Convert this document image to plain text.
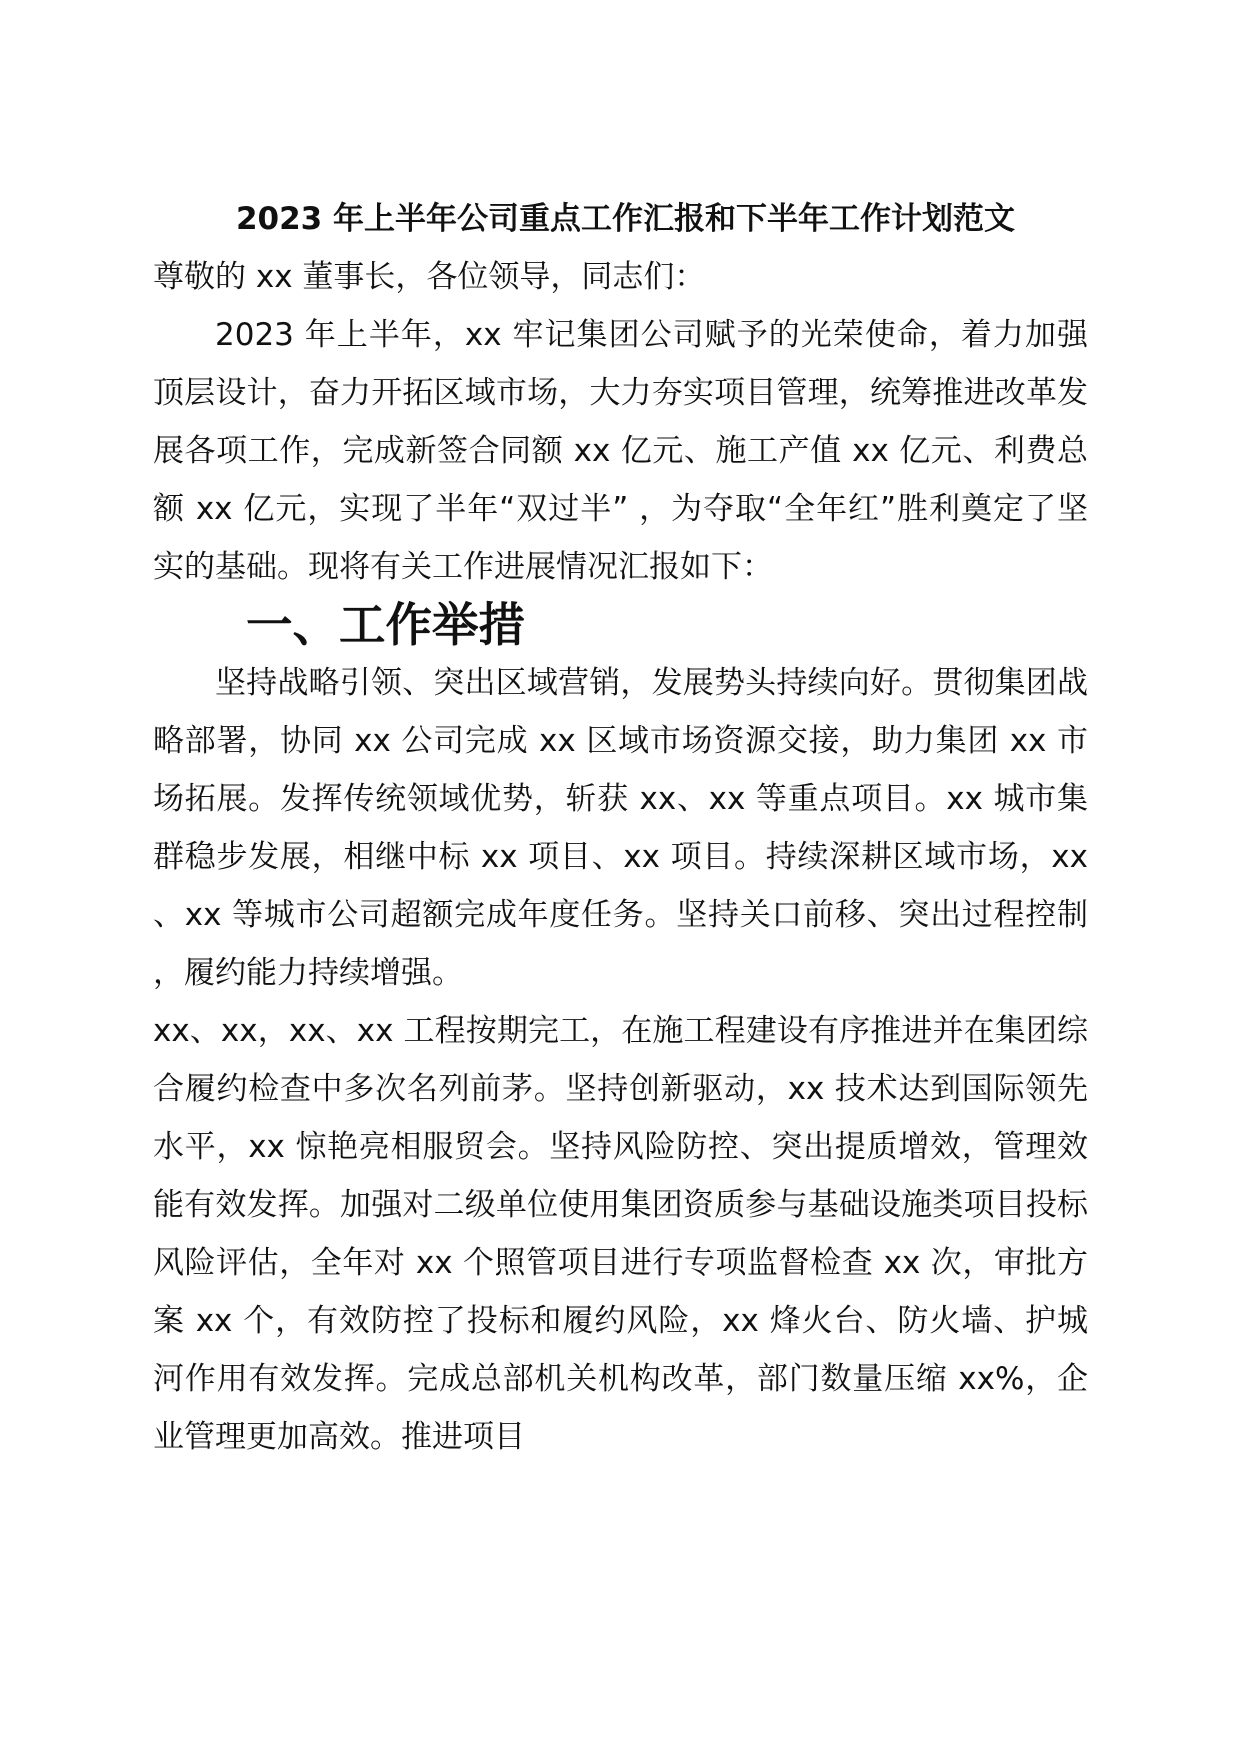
2023 年上半年公司重点工作汇报和下半年工作计划范文

尊敬的 xx 董事长，各位领导，同志们：

2023 年上半年，xx 牢记集团公司赋予的光荣使命，着力加强顶层设计，奋力开拓区域市场，大力夯实项目管理，统筹推进改革发展各项工作，完成新签合同额 xx 亿元、施工产值 xx 亿元、利费总额 xx 亿元，实现了半年“双过半” ，为夺取“全年红”胜利奠定了坚实的基础。现将有关工作进展情况汇报如下：

一、工作举措

坚持战略引领、突出区域营销，发展势头持续向好。贯彻集团战略部署，协同 xx 公司完成 xx 区域市场资源交接，助力集团 xx 市场拓展。发挥传统领域优势，斩获 xx、xx 等重点项目。xx 城市集群稳步发展，相继中标 xx 项目、xx 项目。持续深耕区域市场，xx、xx 等城市公司超额完成年度任务。坚持关口前移、突出过程控制，履约能力持续增强。

xx、xx，xx、xx 工程按期完工，在施工程建设有序推进并在集团综合履约检查中多次名列前茅。坚持创新驱动，xx 技术达到国际领先水平，xx 惊艳亮相服贸会。坚持风险防控、突出提质增效，管理效能有效发挥。加强对二级单位使用集团资质参与基础设施类项目投标风险评估，全年对 xx 个照管项目进行专项监督检查 xx 次，审批方案 xx 个，有效防控了投标和履约风险，xx 烽火台、防火墙、护城河作用有效发挥。完成总部机关机构改革，部门数量压缩 xx%，企业管理更加高效。推进项目
